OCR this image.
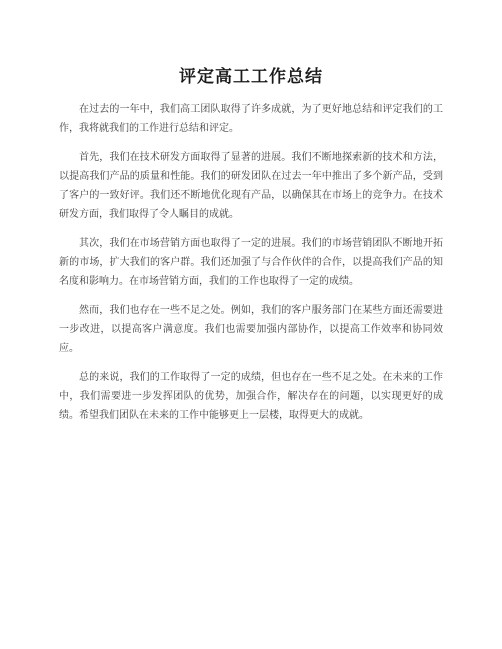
评定高工工作总结

在过去的一年中，我们高工团队取得了许多成就，为了更好地总结和评定我们的工作，我将就我们的工作进行总结和评定。

首先，我们在技术研发方面取得了显著的进展。我们不断地探索新的技术和方法，以提高我们产品的质量和性能。我们的研发团队在过去一年中推出了多个新产品，受到了客户的一致好评。我们还不断地优化现有产品，以确保其在市场上的竞争力。在技术研发方面，我们取得了令人瞩目的成就。

其次，我们在市场营销方面也取得了一定的进展。我们的市场营销团队不断地开拓新的市场，扩大我们的客户群。我们还加强了与合作伙伴的合作，以提高我们产品的知名度和影响力。在市场营销方面，我们的工作也取得了一定的成绩。

然而，我们也存在一些不足之处。例如，我们的客户服务部门在某些方面还需要进一步改进，以提高客户满意度。我们也需要加强内部协作，以提高工作效率和协同效应。

总的来说，我们的工作取得了一定的成绩，但也存在一些不足之处。在未来的工作中，我们需要进一步发挥团队的优势，加强合作，解决存在的问题，以实现更好的成绩。希望我们团队在未来的工作中能够更上一层楼，取得更大的成就。
